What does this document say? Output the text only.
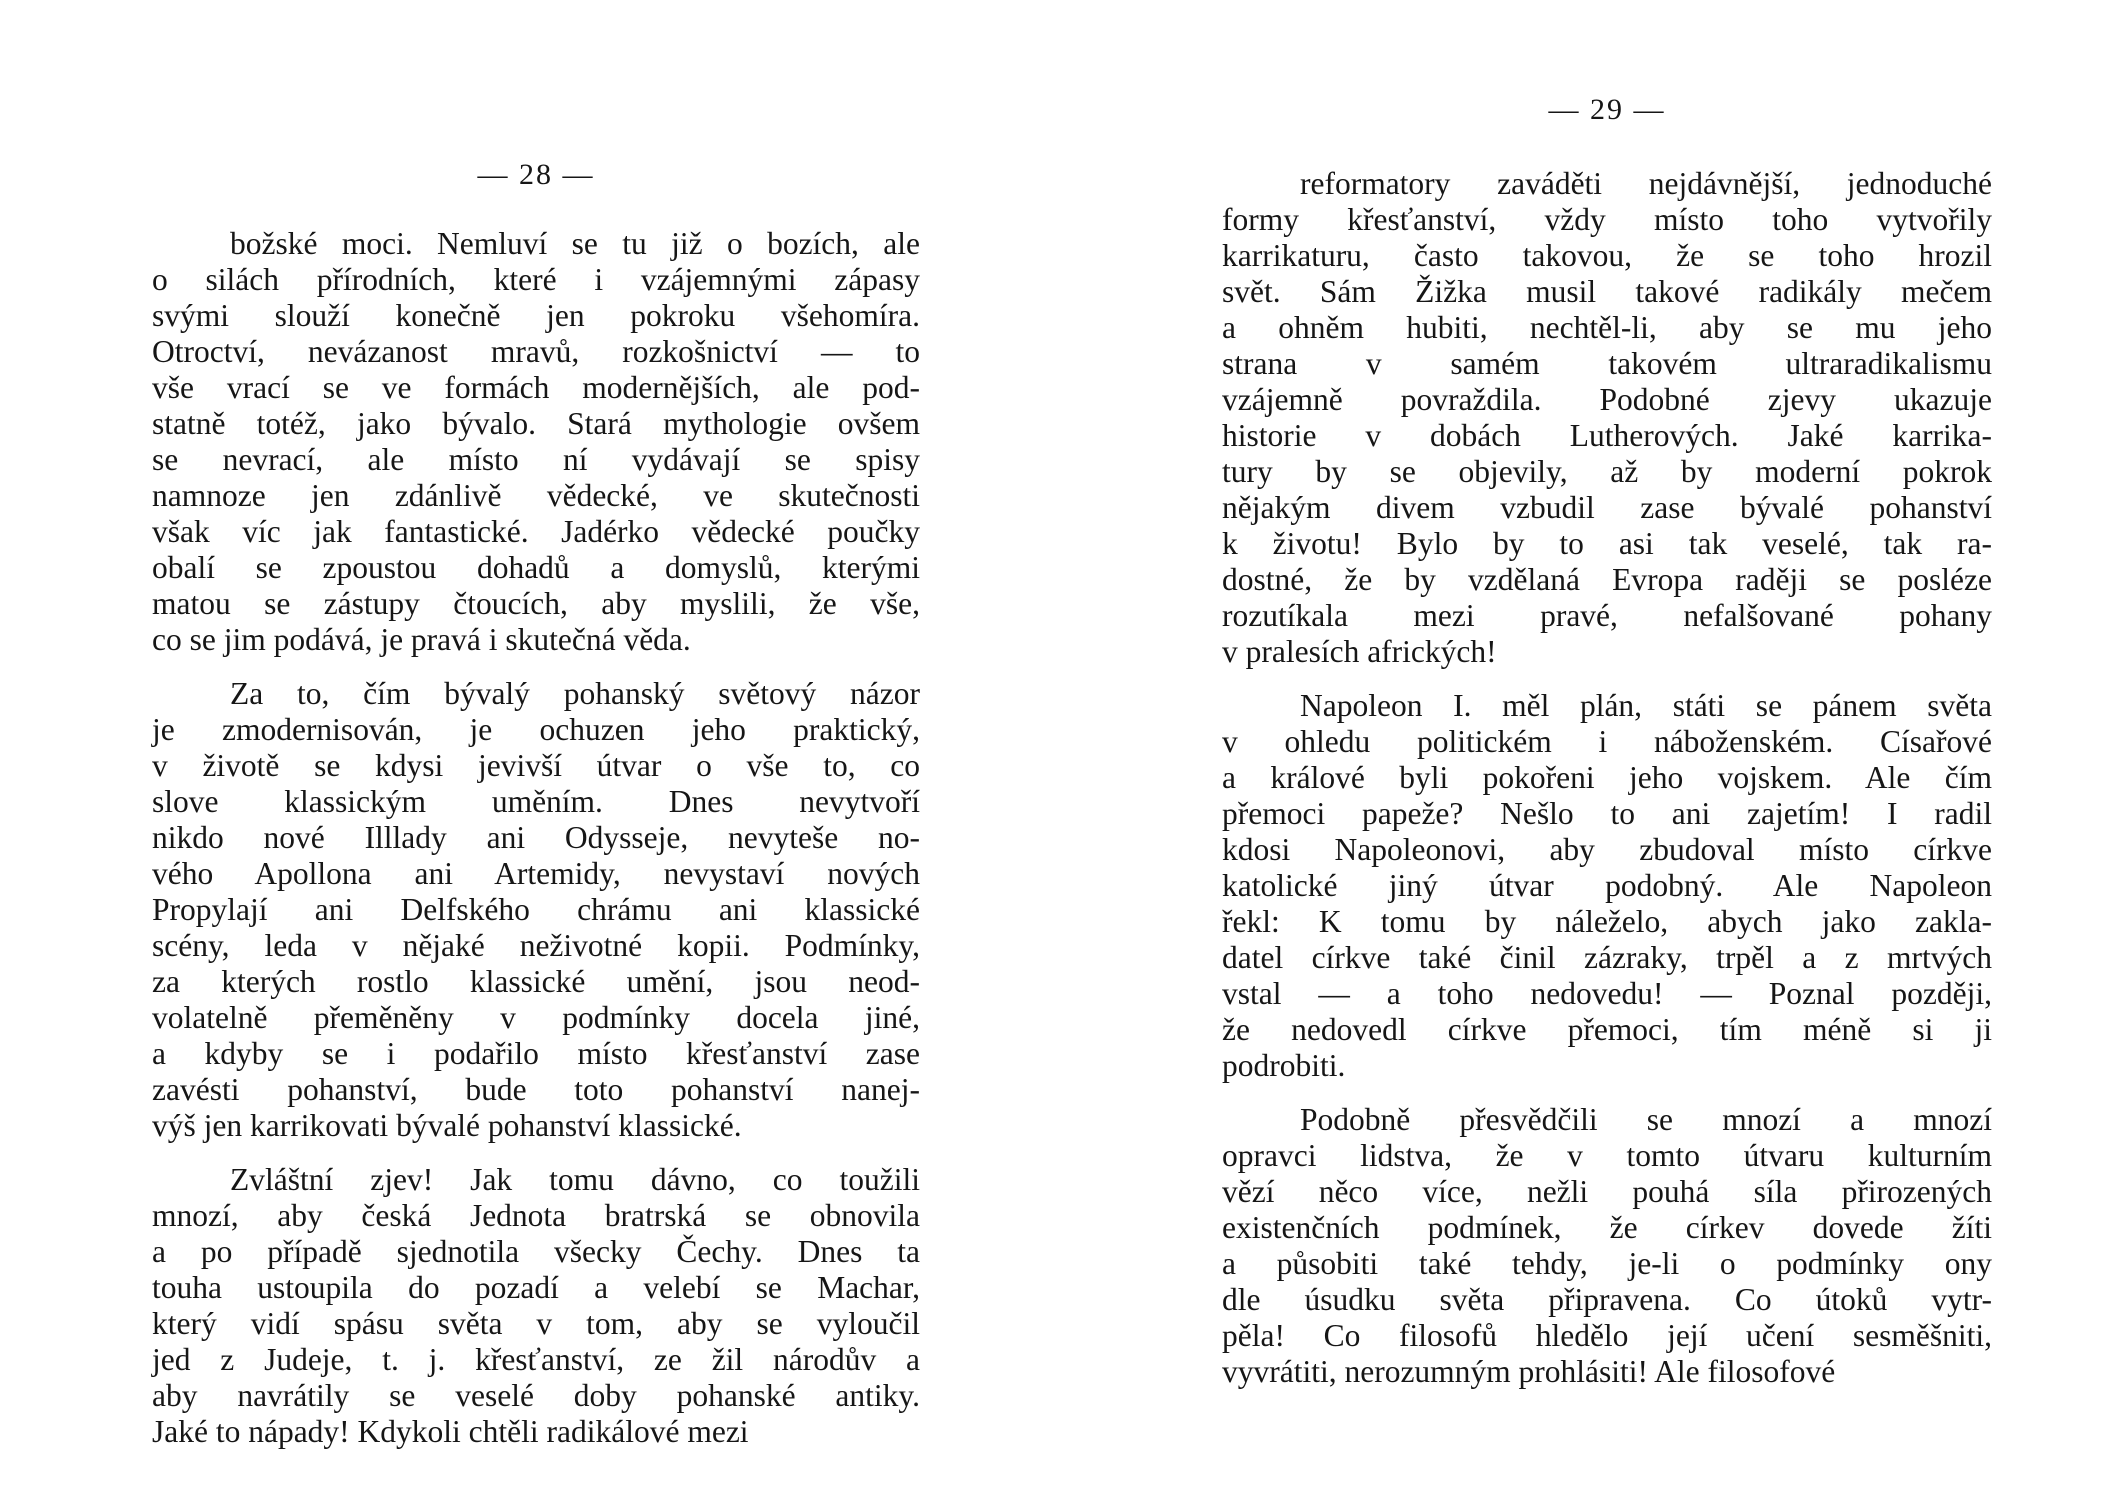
— 28 —
božské moci. Nemluví se tu již o bozích, ale
o silách přírodních, které i vzájemnými zápasy
svými slouží konečně jen pokroku všehomíra.
Otroctví, nevázanost mravů, rozkošnictví — to
vše vrací se ve formách modernějších, ale pod-
statně totéž, jako bývalo. Stará mythologie ovšem
se nevrací, ale místo ní vydávají se spisy
namnoze jen zdánlivě vědecké, ve skutečnosti
však víc jak fantastické. Jadérko vědecké poučky
obalí se zpoustou dohadů a domyslů, kterými
matou se zástupy čtoucích, aby myslili, že vše,
co se jim podává, je pravá i skutečná věda.
Za to, čím bývalý pohanský světový názor
je zmodernisován, je ochuzen jeho praktický,
v životě se kdysi jevivší útvar o vše to, co
slove klassickým uměním. Dnes nevytvoří
nikdo nové Illlady ani Odysseje, nevyteše no-
vého Apollona ani Artemidy, nevystaví nových
Propylají ani Delfského chrámu ani klassické
scény, leda v nějaké neživotné kopii. Podmínky,
za kterých rostlo klassické umění, jsou neod-
volatelně přeměněny v podmínky docela jiné,
a kdyby se i podařilo místo křesťanství zase
zavésti pohanství, bude toto pohanství nanej-
výš jen karrikovati bývalé pohanství klassické.
Zvláštní zjev! Jak tomu dávno, co toužili
mnozí, aby česká Jednota bratrská se obnovila
a po případě sjednotila všecky Čechy. Dnes ta
touha ustoupila do pozadí a velebí se Machar,
který vidí spásu světa v tom, aby se vyloučil
jed z Judeje, t. j. křesťanství, ze žil národův a
aby navrátily se veselé doby pohanské antiky.
Jaké to nápady! Kdykoli chtěli radikálové mezi
— 29 —
reformatory zaváděti nejdávnější, jednoduché
formy křesťanství, vždy místo toho vytvořily
karrikaturu, často takovou, že se toho hrozil
svět. Sám Žižka musil takové radikály mečem
a ohněm hubiti, nechtěl-li, aby se mu jeho
strana v samém takovém ultraradikalismu
vzájemně povraždila. Podobné zjevy ukazuje
historie v dobách Lutherových. Jaké karrika-
tury by se objevily, až by moderní pokrok
nějakým divem vzbudil zase bývalé pohanství
k životu! Bylo by to asi tak veselé, tak ra-
dostné, že by vzdělaná Evropa raději se posléze
rozutíkala mezi pravé, nefalšované pohany
v pralesích afrických!
Napoleon I. měl plán, státi se pánem světa
v ohledu politickém i náboženském. Císařové
a králové byli pokořeni jeho vojskem. Ale čím
přemoci papeže? Nešlo to ani zajetím! I radil
kdosi Napoleonovi, aby zbudoval místo církve
katolické jiný útvar podobný. Ale Napoleon
řekl: K tomu by náleželo, abych jako zakla-
datel církve také činil zázraky, trpěl a z mrtvých
vstal — a toho nedovedu! — Poznal později,
že nedovedl církve přemoci, tím méně si ji
podrobiti.
Podobně přesvědčili se mnozí a mnozí
opravci lidstva, že v tomto útvaru kulturním
vězí něco více, nežli pouhá síla přirozených
existenčních podmínek, že církev dovede žíti
a působiti také tehdy, je-li o podmínky ony
dle úsudku světa připravena. Co útoků vytr-
pěla! Co filosofů hledělo její učení sesměšniti,
vyvrátiti, nerozumným prohlásiti! Ale filosofové
